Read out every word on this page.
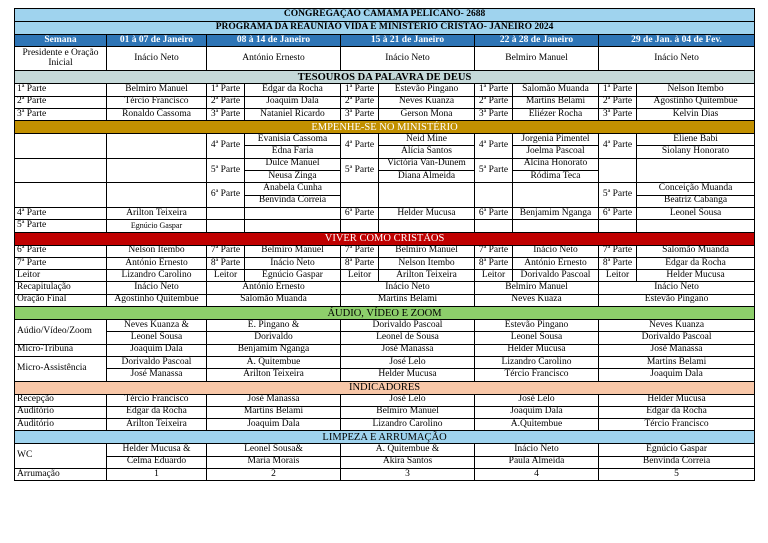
CONGREGAÇÃO CAMAMA PELICANO- 2688									
PROGRAMA DA REAUNIÃO VIDA E MINISTÉRIO CRISTÃO- JANEIRO 2024									
Semana	01 à 07 de Janeiro	08 à 14 de Janeiro		15 à 21 de Janeiro		22 à 28 de Janeiro		29 de Jan. à 04 de Fev.	
Presidente e Oração Inicial	Inácio Neto	António Ernesto		Inácio Neto		Belmiro Manuel		Inácio Neto	
TESOUROS DA PALAVRA DE DEUS									
1ª Parte	Belmiro Manuel	1ª Parte	Edgar da Rocha	1ª Parte	Estevão Pingano	1ª Parte	Salomão Muanda	1ª Parte	Nelson Itembo
2ª Parte	Tércio Francisco	2ª Parte	Joaquim Dala	2ª Parte	Neves Kuanza	2ª Parte	Martins Belami	2ª Parte	Agostinho Quitembue
3ª Parte	Ronaldo Cassoma	3ª Parte	Nataniel Ricardo	3ª Parte	Gerson Mona	3ª Parte	Eliézer Rocha	3ª Parte	Kelvin Dias
EMPENHE-SE NO MINISTÉRIO									
		4ª Parte	Evanisia Cassoma	4ª Parte	Neid Mine	4ª Parte	Jorgenia Pimentel	4ª Parte	Eliene Babi
			Edna Faria		Alícia Santos		Joelma Pascoal		Siolany Honorato
		5ª Parte	Dulce Manuel	5ª Parte	Victória Van-Dunem	5ª Parte	Alcina Honorato		
			Neusa Zinga		Diana Almeida		Ródima Teca		
		6ª Parte	Anabela Cunha					5ª Parte	Conceição Muanda
			Benvinda Correia						Beatriz Cabanga
4ª Parte	Arilton Teixeira			6ª Parte	Helder Mucusa	6ª Parte	Benjamim Nganga	6ª Parte	Leonel Sousa
5ª Parte	Egnúcio Gaspar								
VIVER COMO CRISTÃOS									
6ª Parte	Nelson Itembo	7ª Parte	Belmiro Manuel	7ª Parte	Belmiro Manuel	7ª Parte	Inácio Neto	7ª Parte	Salomão Muanda
7ª Parte	António Ernesto	8ª Parte	Inácio Neto	8ª Parte	Nelson Itembo	8ª Parte	António Ernesto	8ª Parte	Edgar da Rocha
Leitor	Lizandro Carolino	Leitor	Egnúcio Gaspar	Leitor	Arilton Teixeira	Leitor	Dorivaldo Pascoal	Leitor	Helder Mucusa
Recapitulação	Inácio Neto	António Ernesto		Inácio Neto		Belmiro Manuel		Inácio Neto	
Oração Final	Agostinho Quitembue	Salomão Muanda		Martins Belami		Neves Kuaza		Estevão Pingano	
ÁUDIO, VÍDEO E ZOOM									
Aúdio/Vídeo/Zoom	Neves Kuanza &	E. Pingano &		Dorivaldo Pascoal		Estevão Pingano		Neves Kuanza	
	Leonel Sousa	Dorivaldo		Leonel de Sousa		Leonel Sousa		Dorivaldo Pascoal	
Micro-Tribuna	Joaquim Dala	Benjamim Nganga		José Manassa		Helder Mucusa		José Manassa	
Micro-Assistência	Dorivaldo Pascoal	A. Quitembue		José Lelo		Lizandro Carolino		Martins Belami	
	José Manassa	Arilton Teixeira		Helder Mucusa		Tércio Francisco		Joaquim Dala	
INDICADORES									
Recepção	Tércio Francisco	José Manassa		José Lelo		José Lelo		Helder Mucusa	
Auditório	Edgar da Rocha	Martins Belami		Belmiro Manuel		Joaquim Dala		Edgar da Rocha	
Auditório	Arilton Teixeira	Joaquim Dala		Lizandro Carolino		A.Quitembue		Tércio Francisco	
LIMPEZA E ARRUMAÇÃO									
WC	Helder Mucusa &	Leonel Sousa&		A. Quitembue &		Inácio Neto		Egnúcio Gaspar	
	Celma Eduardo	Maria Morais		Akira Santos		Paula Almeida		Benvinda Correia	
Arrumação	1	2		3		4		5	
